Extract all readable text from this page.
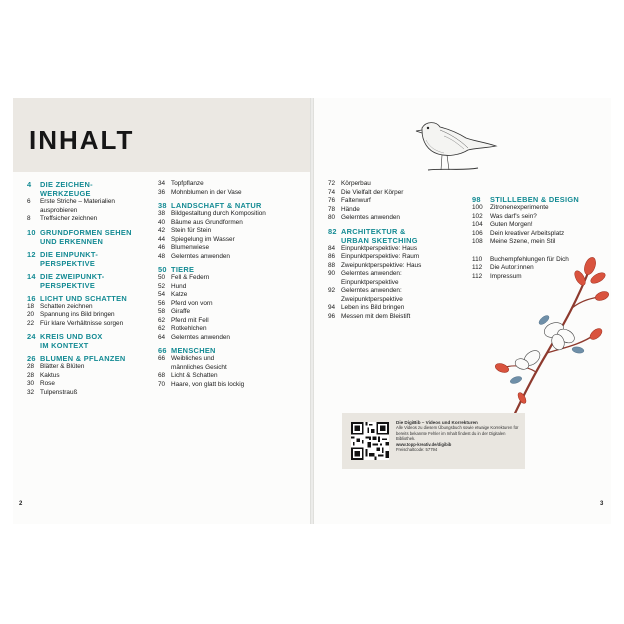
INHALT
4	DIE ZEICHEN-
WERKZEUGE
6	Erste Striche – Materialien
ausprobieren
8	Treffsicher zeichnen
10 GRUNDFORMEN SEHEN
UND ERKENNEN
12 DIE EINPUNKT-
PERSPEKTIVE
14 DIE ZWEIPUNKT-
PERSPEKTIVE
16 LICHT UND SCHATTEN
18 Schatten zeichnen
20 Spannung ins Bild bringen
22 Für klare Verhältnisse sorgen
24 KREIS UND BOX
IM KONTEXT
26 BLUMEN & PFLANZEN
28 Blätter & Blüten
28 Kaktus
30 Rose
32 Tulpenstrauß
34 Topfpflanze
36 Mohnblumen in der Vase
38 LANDSCHAFT & NATUR
38 Bildgestaltung durch Komposition
40 Bäume aus Grundformen
42 Stein für Stein
44 Spiegelung im Wasser
46 Blumenwiese
48 Gelerntes anwenden
50 TIERE
50 Fell & Federn
52 Hund
54 Katze
56 Pferd von vorn
58 Giraffe
62 Pferd mit Fell
62 Rotkehlchen
64 Gelerntes anwenden
66 MENSCHEN
66 Weibliches und
männliches Gesicht
68 Licht & Schatten
70 Haare, von glatt bis lockig
2
72 Körperbau
74 Die Vielfalt der Körper
76 Faltenwurf
78 Hände
80 Gelerntes anwenden
82 ARCHITEKTUR &
URBAN SKETCHING
84 Einpunktperspektive: Haus
86 Einpunktperspektive: Raum
88 Zweipunktperspektive: Haus
90 Gelerntes anwenden:
Einpunktperspektive
92 Gelerntes anwenden:
Zweipunktperspektive
94 Leben ins Bild bringen
96 Messen mit dem Bleistift
98	STILLLEBEN & DESIGN
100	Zitronenexperimente
102	Was darf's sein?
104	Guten Morgen!
106	Dein kreativer Arbeitsplatz
108	Meine Szene, mein Stil
110	Buchempfehlungen für Dich
112	Die Autor:innen
112	Impressum
Die DigiBib – Videos und Korrekturen
Alle Videos zu diesem Übungsbuch sowie etwaige Korrekturen für bereits bekannte Fehler im Inhalt findest du in der Digitalen Bibliothek.
www.topp-kreativ.de/digibib
Freischaltcode: 57794
3
